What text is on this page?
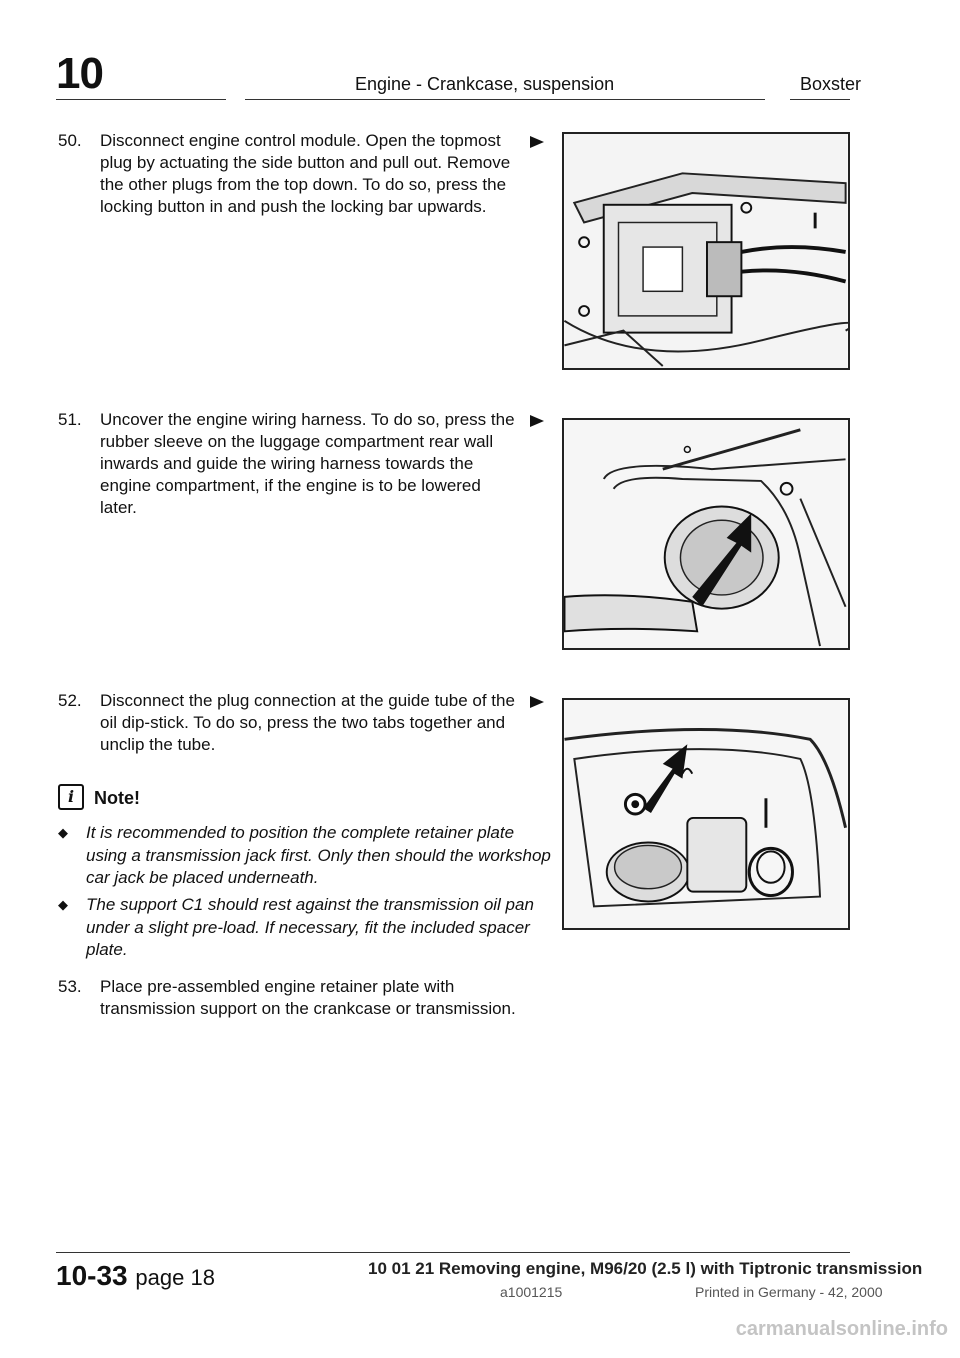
10	Engine - Crankcase, suspension	Boxster
50.	Disconnect engine control module. Open the topmost plug by actuating the side button and pull out. Remove the other plugs from the top down. To do so, press the locking button in and push the locking bar upwards.
51.	Uncover the engine wiring harness. To do so, press the rubber sleeve on the luggage compartment rear wall inwards and guide the wiring harness towards the engine compartment, if the engine is to be lowered later.
52.	Disconnect the plug connection at the guide tube of the oil dip-stick. To do so, press the two tabs together and unclip the tube.
i	Note!
◆ It is recommended to position the complete retainer plate using a transmission jack first. Only then should the workshop car jack be placed underneath.
◆ The support C1 should rest against the transmission oil pan under a slight pre-load. If necessary, fit the included spacer plate.
53.	Place pre-assembled engine retainer plate with transmission support on the crankcase or transmission.
10-33 page 18	10 01 21 Removing engine, M96/20 (2.5 l) with Tiptronic transmission
a1001215	Printed in Germany - 42, 2000
carmanualsonline.info
